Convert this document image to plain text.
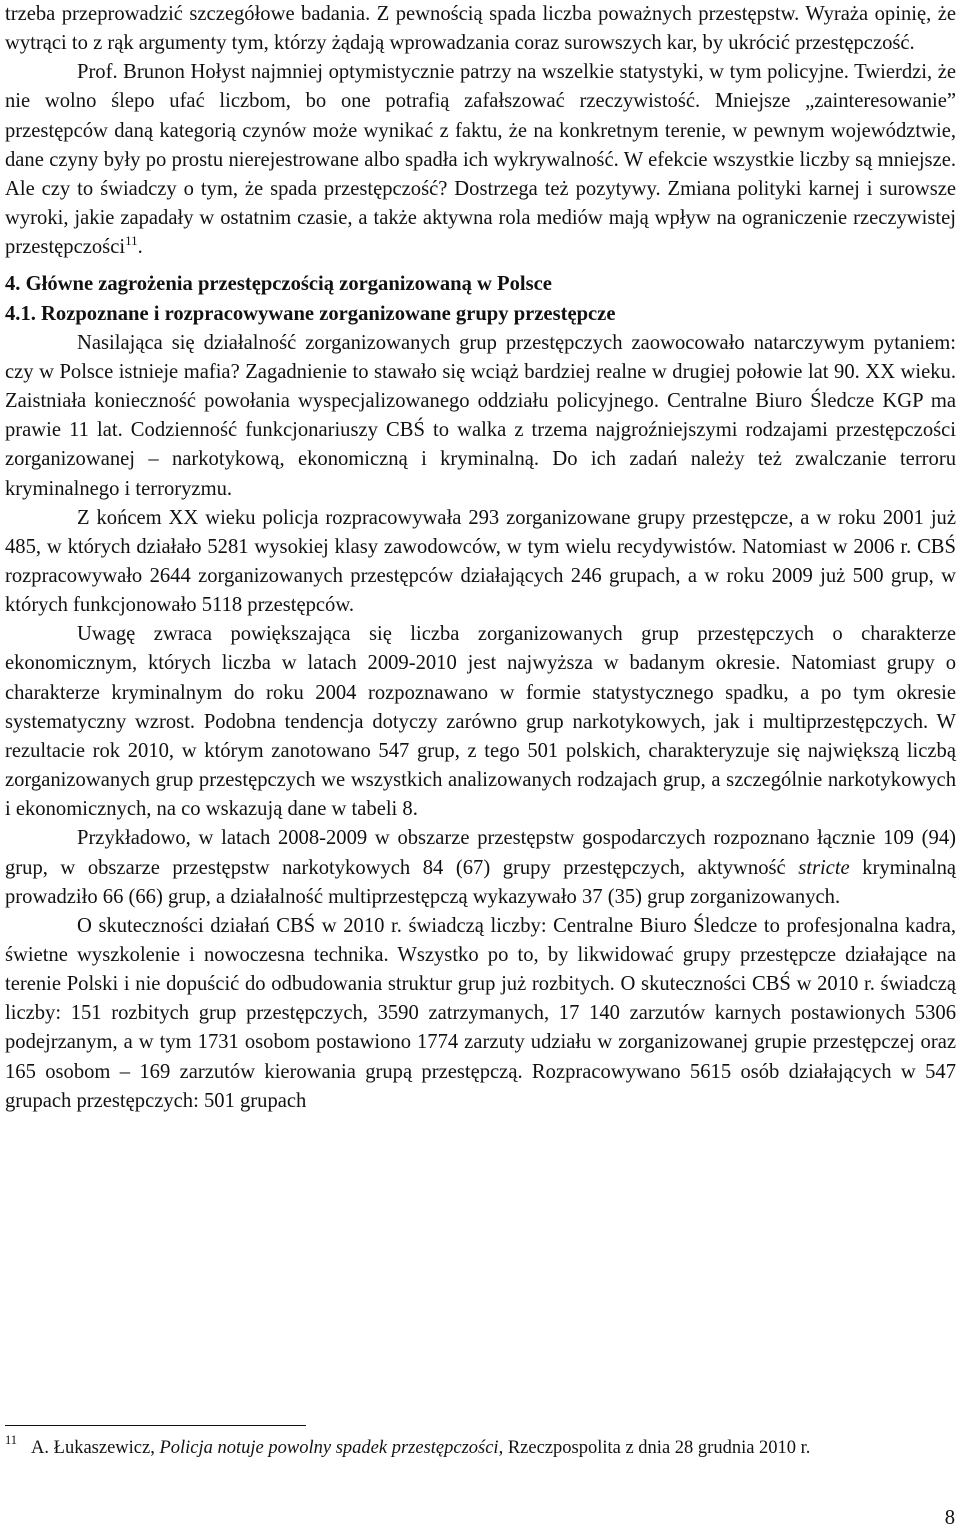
trzeba przeprowadzić szczegółowe badania. Z pewnością spada liczba poważnych przestępstw. Wyraża opinię, że wytrąci to z rąk argumenty tym, którzy żądają wprowadzania coraz surowszych kar, by ukrócić przestępczość.

Prof. Brunon Hołyst najmniej optymistycznie patrzy na wszelkie statystyki, w tym policyjne. Twierdzi, że nie wolno ślepo ufać liczbom, bo one potrafią zafałszować rzeczywistość. Mniejsze „zainteresowanie” przestępców daną kategorią czynów może wynikać z faktu, że na konkretnym terenie, w pewnym województwie, dane czyny były po prostu nierejestrowane albo spadła ich wykrywalność. W efekcie wszystkie liczby są mniejsze. Ale czy to świadczy o tym, że spada przestępczość? Dostrzega też pozytywy. Zmiana polityki karnej i surowsze wyroki, jakie zapadały w ostatnim czasie, a także aktywna rola mediów mają wpływ na ograniczenie rzeczywistej przestępczości$^{11}$.

4. Główne zagrożenia przestępczością zorganizowaną w Polsce

4.1. Rozpoznane i rozpracowywane zorganizowane grupy przestępcze

Nasilająca się działalność zorganizowanych grup przestępczych zaowocowało natarczywym pytaniem: czy w Polsce istnieje mafia? Zagadnienie to stawało się wciąż bardziej realne w drugiej połowie lat 90. XX wieku. Zaistniała konieczność powołania wyspecjalizowanego oddziału policyjnego. Centralne Biuro Śledcze KGP ma prawie 11 lat. Codzienność funkcjonariuszy CBŚ to walka z trzema najgroźniejszymi rodzajami przestępczości zorganizowanej – narkotykową, ekonomiczną i kryminalną. Do ich zadań należy też zwalczanie terroru kryminalnego i terroryzmu.

Z końcem XX wieku policja rozpracowywała 293 zorganizowane grupy przestępcze, a w roku 2001 już 485, w których działało 5281 wysokiej klasy zawodowców, w tym wielu recydywistów. Natomiast w 2006 r. CBŚ rozpracowywało 2644 zorganizowanych przestępców działających 246 grupach, a w roku 2009 już 500 grup, w których funkcjonowało 5118 przestępców.

Uwagę zwraca powiększająca się liczba zorganizowanych grup przestępczych o charakterze ekonomicznym, których liczba w latach 2009-2010 jest najwyższa w badanym okresie. Natomiast grupy o charakterze kryminalnym do roku 2004 rozpoznawano w formie statystycznego spadku, a po tym okresie systematyczny wzrost. Podobna tendencja dotyczy zarówno grup narkotykowych, jak i multiprzestępczych. W rezultacie rok 2010, w którym zanotowano 547 grup, z tego 501 polskich, charakteryzuje się największą liczbą zorganizowanych grup przestępczych we wszystkich analizowanych rodzajach grup, a szczególnie narkotykowych i ekonomicznych, na co wskazują dane w tabeli 8.

Przykładowo, w latach 2008-2009 w obszarze przestępstw gospodarczych rozpoznano łącznie 109 (94) grup, w obszarze przestępstw narkotykowych 84 (67) grupy przestępczych, aktywność stricte kryminalną prowadziło 66 (66) grup, a działalność multiprzestępczą wykazywało 37 (35) grup zorganizowanych.

O skuteczności działań CBŚ w 2010 r. świadczą liczby: Centralne Biuro Śledcze to profesjonalna kadra, świetne wyszkolenie i nowoczesna technika. Wszystko po to, by likwidować grupy przestępcze działające na terenie Polski i nie dopuścić do odbudowania struktur grup już rozbitych. O skuteczności CBŚ w 2010 r. świadczą liczby: 151 rozbitych grup przestępczych, 3590 zatrzymanych, 17 140 zarzutów karnych postawionych 5306 podejrzanym, a w tym 1731 osobom postawiono 1774 zarzuty udziału w zorganizowanej grupie przestępczej oraz 165 osobom – 169 zarzutów kierowania grupą przestępczą. Rozpracowywano 5615 osób działających w 547 grupach przestępczych: 501 grupach

$^{11}$ A. Łukaszewicz, Policja notuje powolny spadek przestępczości, Rzeczpospolita z dnia 28 grudnia 2010 r.
8
